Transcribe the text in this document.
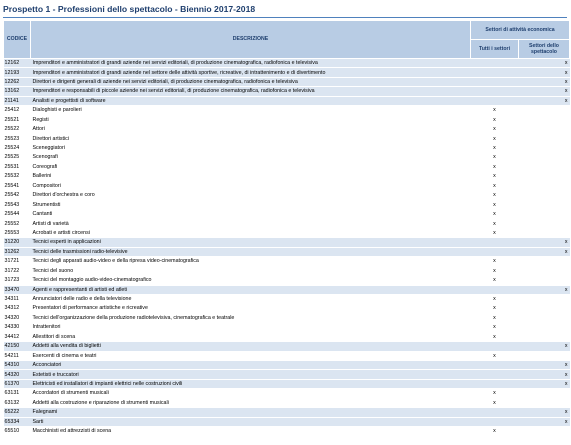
Prospetto 1 - Professioni dello spettacolo - Biennio 2017-2018
CODICE	DESCRIZIONE	Settori di attività economica	
		Tutti i settori	Settori dello spettacolo
12162	Imprenditori e amministratori di grandi aziende nei servizi editoriali, di produzione cinematografica, radiofonica e televisiva		x
12193	Imprenditori e amministratori di grandi aziende nel settore delle attività sportive, ricreative, di intrattenimento e di divertimento		x
12262	Direttori e dirigenti generali di aziende nei servizi editoriali, di produzione cinematografica, radiofonica e televisiva		x
13162	Imprenditori e responsabili di piccole aziende nei servizi editoriali, di produzione cinematografica, radiofonica e televisiva		x
21141	Analisti e progettisti di software		x
25412	Dialoghisti e parolieri	x	
25521	Registi	x	
25522	Attori	x	
25523	Direttori artistici	x	
25524	Sceneggiatori	x	
25525	Scenografi	x	
25531	Coreografi	x	
25532	Ballerini	x	
25541	Compositori	x	
25542	Direttori d'orchestra e coro	x	
25543	Strumentisti	x	
25544	Cantanti	x	
25552	Artisti di varietà	x	
25553	Acrobati e artisti circensi	x	
31220	Tecnici esperti in applicazioni		x
31262	Tecnici delle trasmissioni radio-televisive		x
31721	Tecnici degli apparati audio-video e della ripresa video-cinematografica	x	
31722	Tecnici del suono	x	
31723	Tecnici del montaggio audio-video-cinematografico	x	
33470	Agenti e rappresentanti di artisti ed atleti		x
34311	Annunciatori delle radio e della televisione	x	
34312	Presentatori di performance artistiche e ricreative	x	
34320	Tecnici dell'organizzazione della produzione radiotelevisiva, cinematografica e teatrale	x	
34330	Intrattenitori	x	
34412	Allestitori di scena	x	
42150	Addetti alla vendita di biglietti		x
54211	Esercenti di cinema e teatri	x	
54310	Acconciatori		x
54320	Estetisti e truccatori		x
61370	Elettricisti ed installatori di impianti elettrici nelle costruzioni civili		x
63131	Accordatori di strumenti musicali	x	
63132	Addetti alla costruzione e riparazione di strumenti musicali	x	
65222	Falegnami		x
65334	Sarti		x
65510	Macchinisti ed attrezzisti di scena	x	
